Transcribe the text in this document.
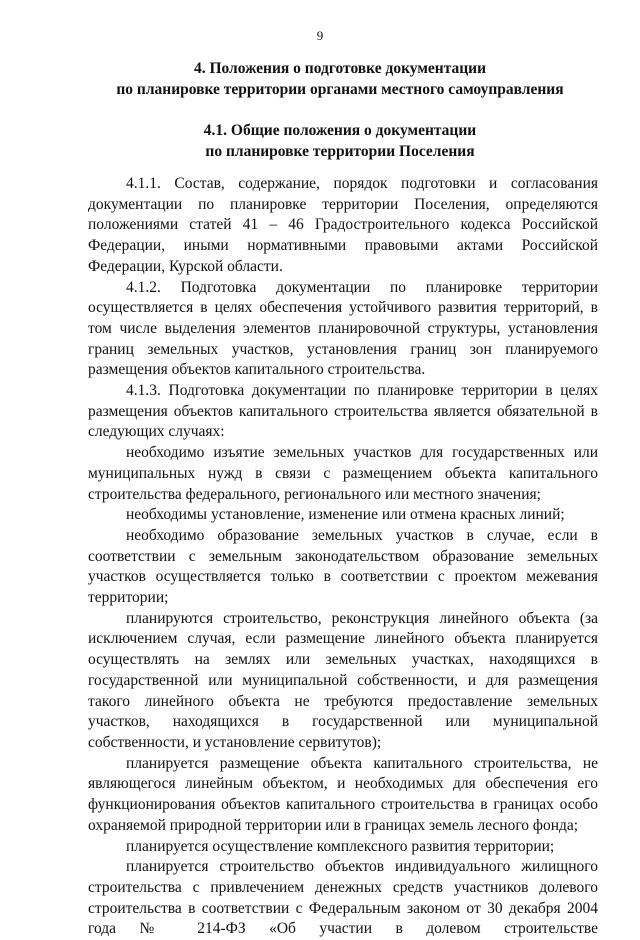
9
4. Положения о подготовке документации
по планировке территории органами местного самоуправления
4.1. Общие положения о документации
по планировке территории Поселения

4.1.1. Состав, содержание, порядок подготовки и согласования документации по планировке территории Поселения, определяются положениями статей 41 – 46 Градостроительного кодекса Российской Федерации, иными нормативными правовыми актами Российской Федерации, Курской области.

4.1.2. Подготовка документации по планировке территории осуществляется в целях обеспечения устойчивого развития территорий, в том числе выделения элементов планировочной структуры, установления границ земельных участков, установления границ зон планируемого размещения объектов капитального строительства.

4.1.3. Подготовка документации по планировке территории в целях размещения объектов капитального строительства является обязательной в следующих случаях:

необходимо изъятие земельных участков для государственных или муниципальных нужд в связи с размещением объекта капитального строительства федерального, регионального или местного значения;

необходимы установление, изменение или отмена красных линий;

необходимо образование земельных участков в случае, если в соответствии с земельным законодательством образование земельных участков осуществляется только в соответствии с проектом межевания территории;

планируются строительство, реконструкция линейного объекта (за исключением случая, если размещение линейного объекта планируется осуществлять на землях или земельных участках, находящихся в государственной или муниципальной собственности, и для размещения такого линейного объекта не требуются предоставление земельных участков, находящихся в государственной или муниципальной собственности, и установление сервитутов);

планируется размещение объекта капитального строительства, не являющегося линейным объектом, и необходимых для обеспечения его функционирования объектов капитального строительства в границах особо охраняемой природной территории или в границах земель лесного фонда;

планируется осуществление комплексного развития территории;

планируется строительство объектов индивидуального жилищного строительства с привлечением денежных средств участников долевого строительства в соответствии с Федеральным законом от 30 декабря 2004 года № 214-ФЗ «Об участии в долевом строительстве
